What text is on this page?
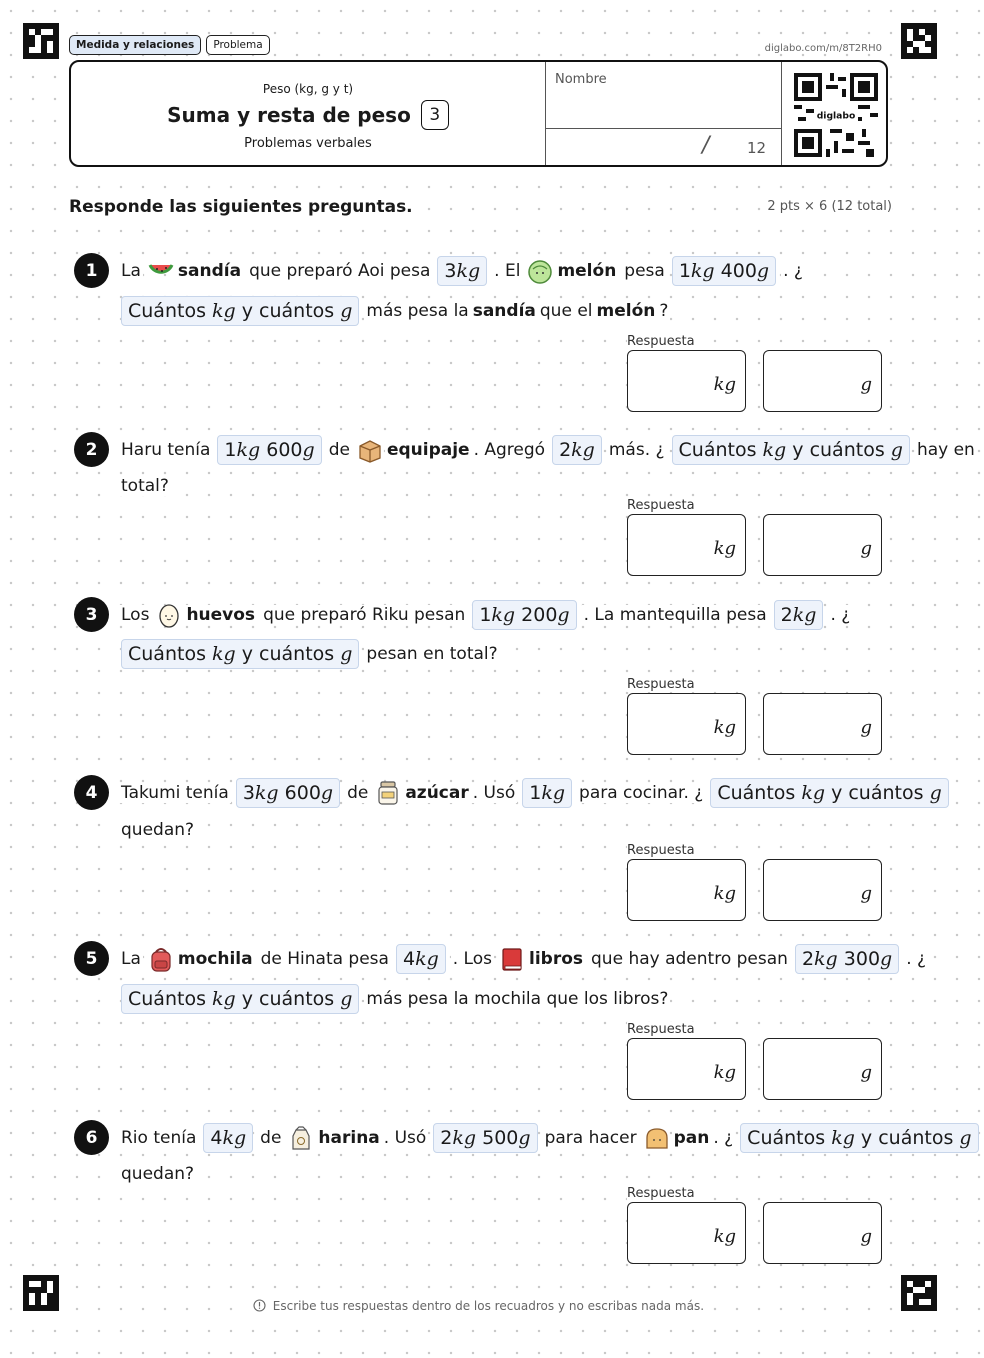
Medida y relaciones	Problema	diglabo.com/m/8T2RH0
Peso (kg, g y t)
Suma y resta de peso	3
Problemas verbales
Nombre
/	12
diglabo
Responde las siguientes preguntas.	2 pts × 6 (12 total)
1	La sandía que preparó Aoi pesa 3 kg . El melón pesa 1 kg
400 g . ¿
Cuántos
kg
y cuántos
g más pesa la sandía que el melón ?
Respuesta
kg	g
2	Haru tenía 1 kg
600 g de equipaje . Agregó 2 kg más. ¿ Cuántos
kg
y cuántos
g hay en
total?
Respuesta
kg	g
3	Los huevos que preparó Riku pesan 1 kg
200 g . La mantequilla pesa 2 kg . ¿
Cuántos
kg
y cuántos
g pesan en total?
Respuesta
kg	g
4	Takumi tenía 3 kg
600 g de azúcar . Usó 1 kg para cocinar. ¿ Cuántos
kg
y cuántos
g
quedan?
Respuesta
kg	g
5	La mochila de Hinata pesa 4 kg . Los libros que hay adentro pesan 2 kg
300 g . ¿
Cuántos
kg
y cuántos
g más pesa la mochila que los libros?
Respuesta
kg	g
6	Rio tenía 4 kg de harina . Usó 2 kg
500 g para hacer pan . ¿ Cuántos
kg
y cuántos
g
quedan?
Respuesta
kg	g
Escribe tus respuestas dentro de los recuadros y no escribas nada más.
